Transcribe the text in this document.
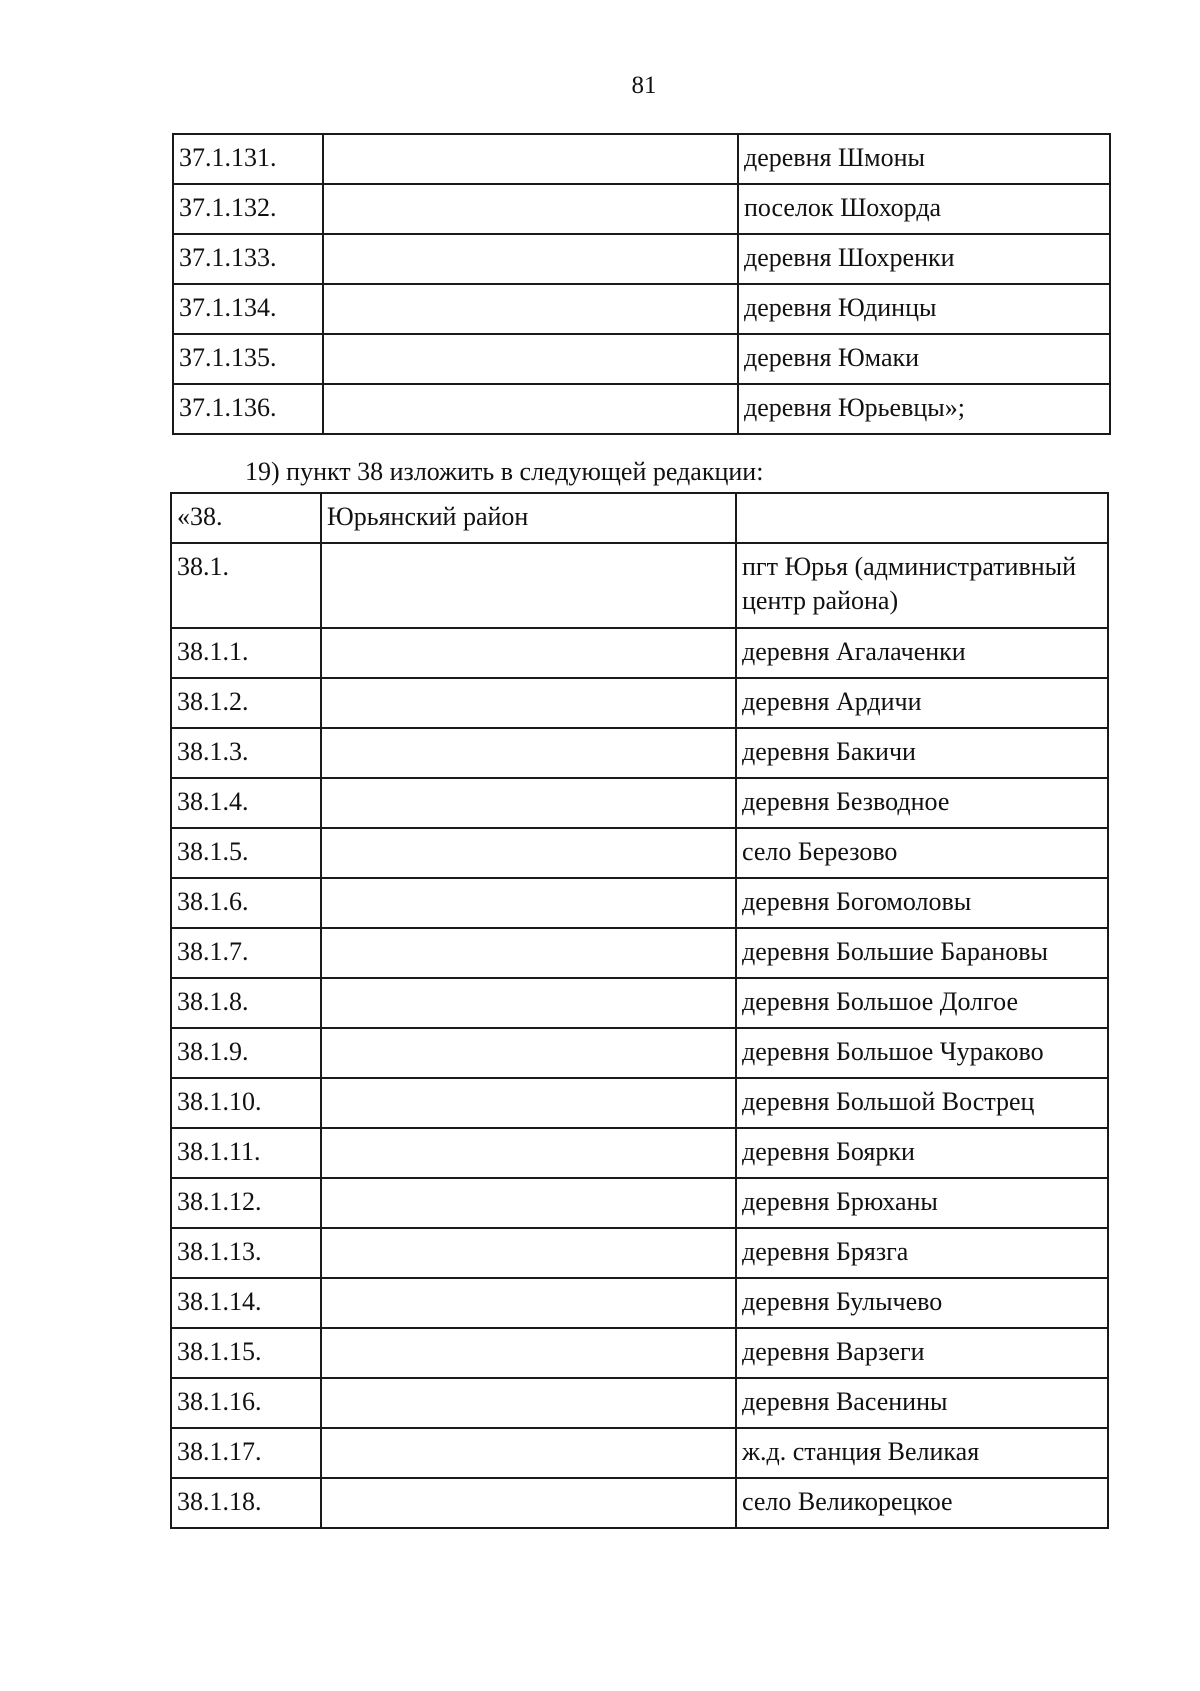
81
37.1.131.		деревня Шмоны
37.1.132.		поселок Шохорда
37.1.133.		деревня Шохренки
37.1.134.		деревня Юдинцы
37.1.135.		деревня Юмаки
37.1.136.		деревня Юрьевцы»;
19) пункт 38 изложить в следующей редакции:
«38.	Юрьянский район	
38.1.		пгт Юрья (административный центр района)
38.1.1.		деревня Агалаченки
38.1.2.		деревня Ардичи
38.1.3.		деревня Бакичи
38.1.4.		деревня Безводное
38.1.5.		село Березово
38.1.6.		деревня Богомоловы
38.1.7.		деревня Большие Барановы
38.1.8.		деревня Большое Долгое
38.1.9.		деревня Большое Чураково
38.1.10.		деревня Большой Вострец
38.1.11.		деревня Боярки
38.1.12.		деревня Брюханы
38.1.13.		деревня Брязга
38.1.14.		деревня Булычево
38.1.15.		деревня Варзеги
38.1.16.		деревня Васенины
38.1.17.		ж.д. станция Великая
38.1.18.		село Великорецкое
